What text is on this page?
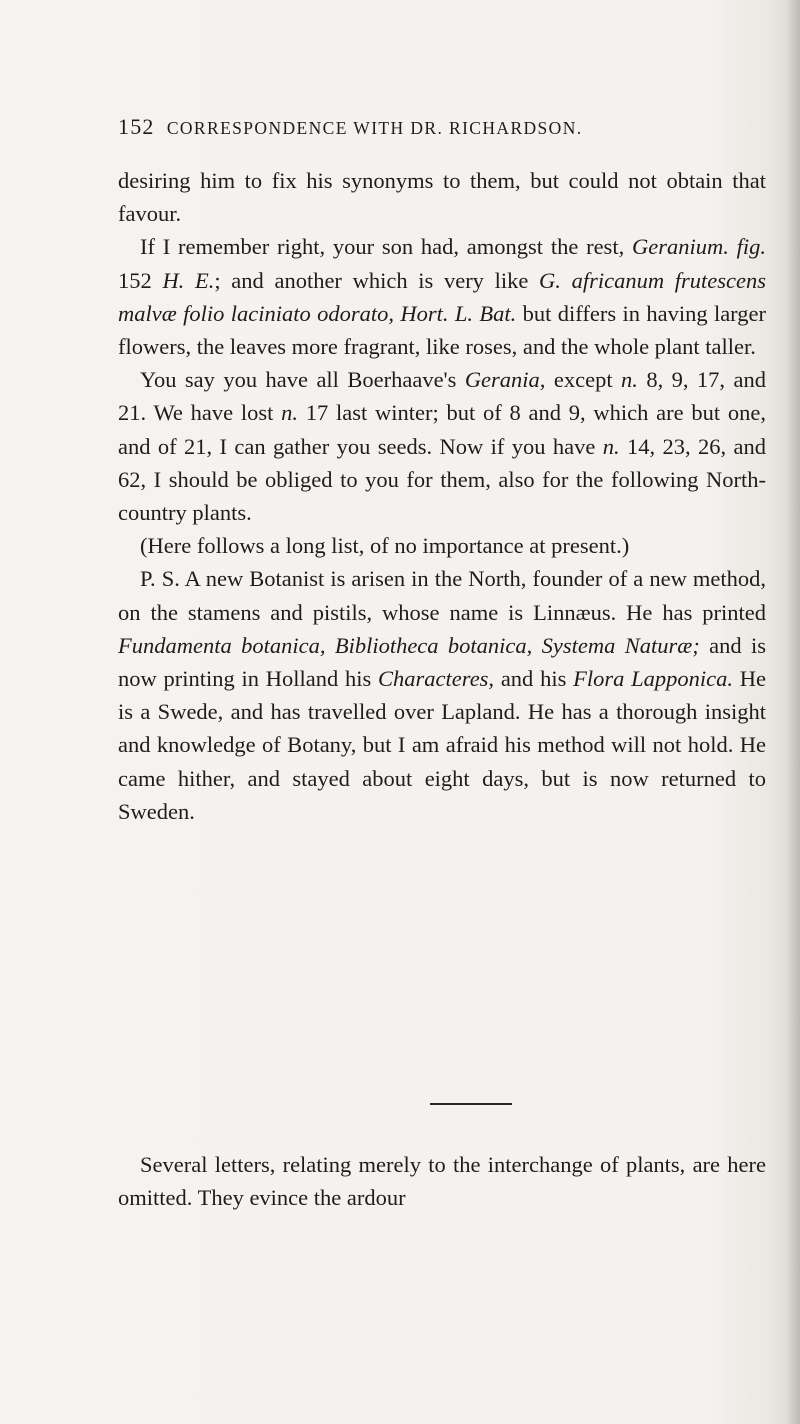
152 CORRESPONDENCE WITH DR. RICHARDSON.

desiring him to fix his synonyms to them, but could not obtain that favour.

If I remember right, your son had, amongst the rest, Geranium. fig. 152 H. E.; and another which is very like G. africanum frutescens malvæ folio laciniato odorato, Hort. L. Bat. but differs in having larger flowers, the leaves more fragrant, like roses, and the whole plant taller.

You say you have all Boerhaave's Gerania, except n. 8, 9, 17, and 21. We have lost n. 17 last winter; but of 8 and 9, which are but one, and of 21, I can gather you seeds. Now if you have n. 14, 23, 26, and 62, I should be obliged to you for them, also for the following North-country plants.

(Here follows a long list, of no importance at present.)

P. S. A new Botanist is arisen in the North, founder of a new method, on the stamens and pistils, whose name is Linnæus. He has printed Fundamenta botanica, Bibliotheca botanica, Systema Naturæ; and is now printing in Holland his Characteres, and his Flora Lapponica. He is a Swede, and has travelled over Lapland. He has a thorough insight and knowledge of Botany, but I am afraid his method will not hold. He came hither, and stayed about eight days, but is now returned to Sweden.

Several letters, relating merely to the interchange of plants, are here omitted. They evince the ardour
